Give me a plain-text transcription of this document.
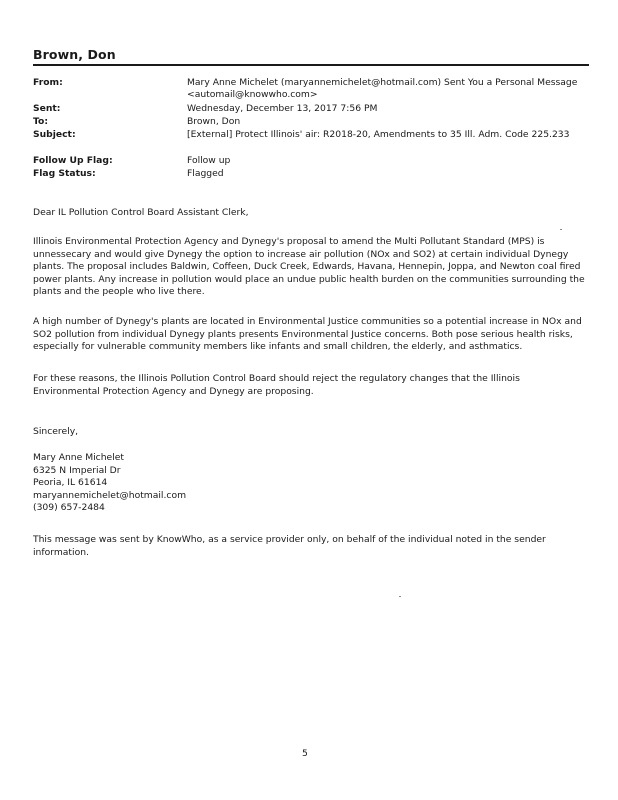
Brown, Don
From:	Mary Anne Michelet (maryannemichelet@hotmail.com) Sent You a Personal Message
<automail@knowwho.com>
Sent:	Wednesday, December 13, 2017 7:56 PM
To:	Brown, Don
Subject:	[External] Protect Illinois' air: R2018-20, Amendments to 35 Ill. Adm. Code 225.233
Follow Up Flag:	Follow up
Flag Status:	Flagged

Dear IL Pollution Control Board Assistant Clerk,

Illinois Environmental Protection Agency and Dynegy's proposal to amend the Multi Pollutant Standard (MPS) is unnessecary and would give Dynegy the option to increase air pollution (NOx and SO2) at certain individual Dynegy plants. The proposal includes Baldwin, Coffeen, Duck Creek, Edwards, Havana, Hennepin, Joppa, and Newton coal fired power plants. Any increase in pollution would place an undue public health burden on the communities surrounding the plants and the people who live there.

A high number of Dynegy's plants are located in Environmental Justice communities so a potential increase in NOx and SO2 pollution from individual Dynegy plants presents Environmental Justice concerns. Both pose serious health risks, especially for vulnerable community members like infants and small children, the elderly, and asthmatics.

For these reasons, the Illinois Pollution Control Board should reject the regulatory changes that the Illinois Environmental Protection Agency and Dynegy are proposing.

Sincerely,

Mary Anne Michelet
6325 N Imperial Dr
Peoria, IL 61614
maryannemichelet@hotmail.com
(309) 657-2484

This message was sent by KnowWho, as a service provider only, on behalf of the individual noted in the sender information.

5
